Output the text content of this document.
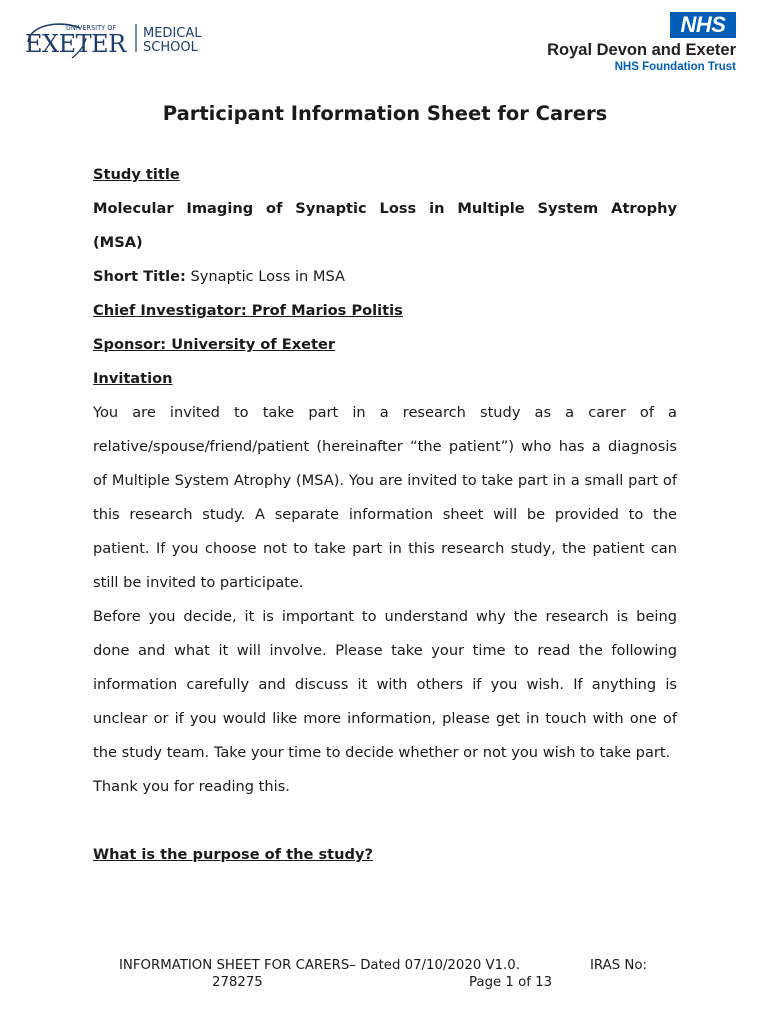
UNIVERSITY OF
EXETER MEDICAL
SCHOOL
NHS
Royal Devon and Exeter
NHS Foundation Trust
Participant Information Sheet for Carers

Study title

Molecular Imaging of Synaptic Loss in Multiple System Atrophy

(MSA)

Short Title: Synaptic Loss in MSA

Chief Investigator: Prof Marios Politis

Sponsor: University of Exeter

Invitation

You are invited to take part in a research study as a carer of a relative/spouse/friend/patient (hereinafter “the patient”) who has a diagnosis of Multiple System Atrophy (MSA). You are invited to take part in a small part of this research study. A separate information sheet will be provided to the patient. If you choose not to take part in this research study, the patient can still be invited to participate.

Before you decide, it is important to understand why the research is being done and what it will involve. Please take your time to read the following information carefully and discuss it with others if you wish. If anything is unclear or if you would like more information, please get in touch with one of the study team. Take your time to decide whether or not you wish to take part.

Thank you for reading this.

What is the purpose of the study?

INFORMATION SHEET FOR CARERS– Dated 07/10/2020 V1.0.	IRAS No:
278275	Page 1 of 13
